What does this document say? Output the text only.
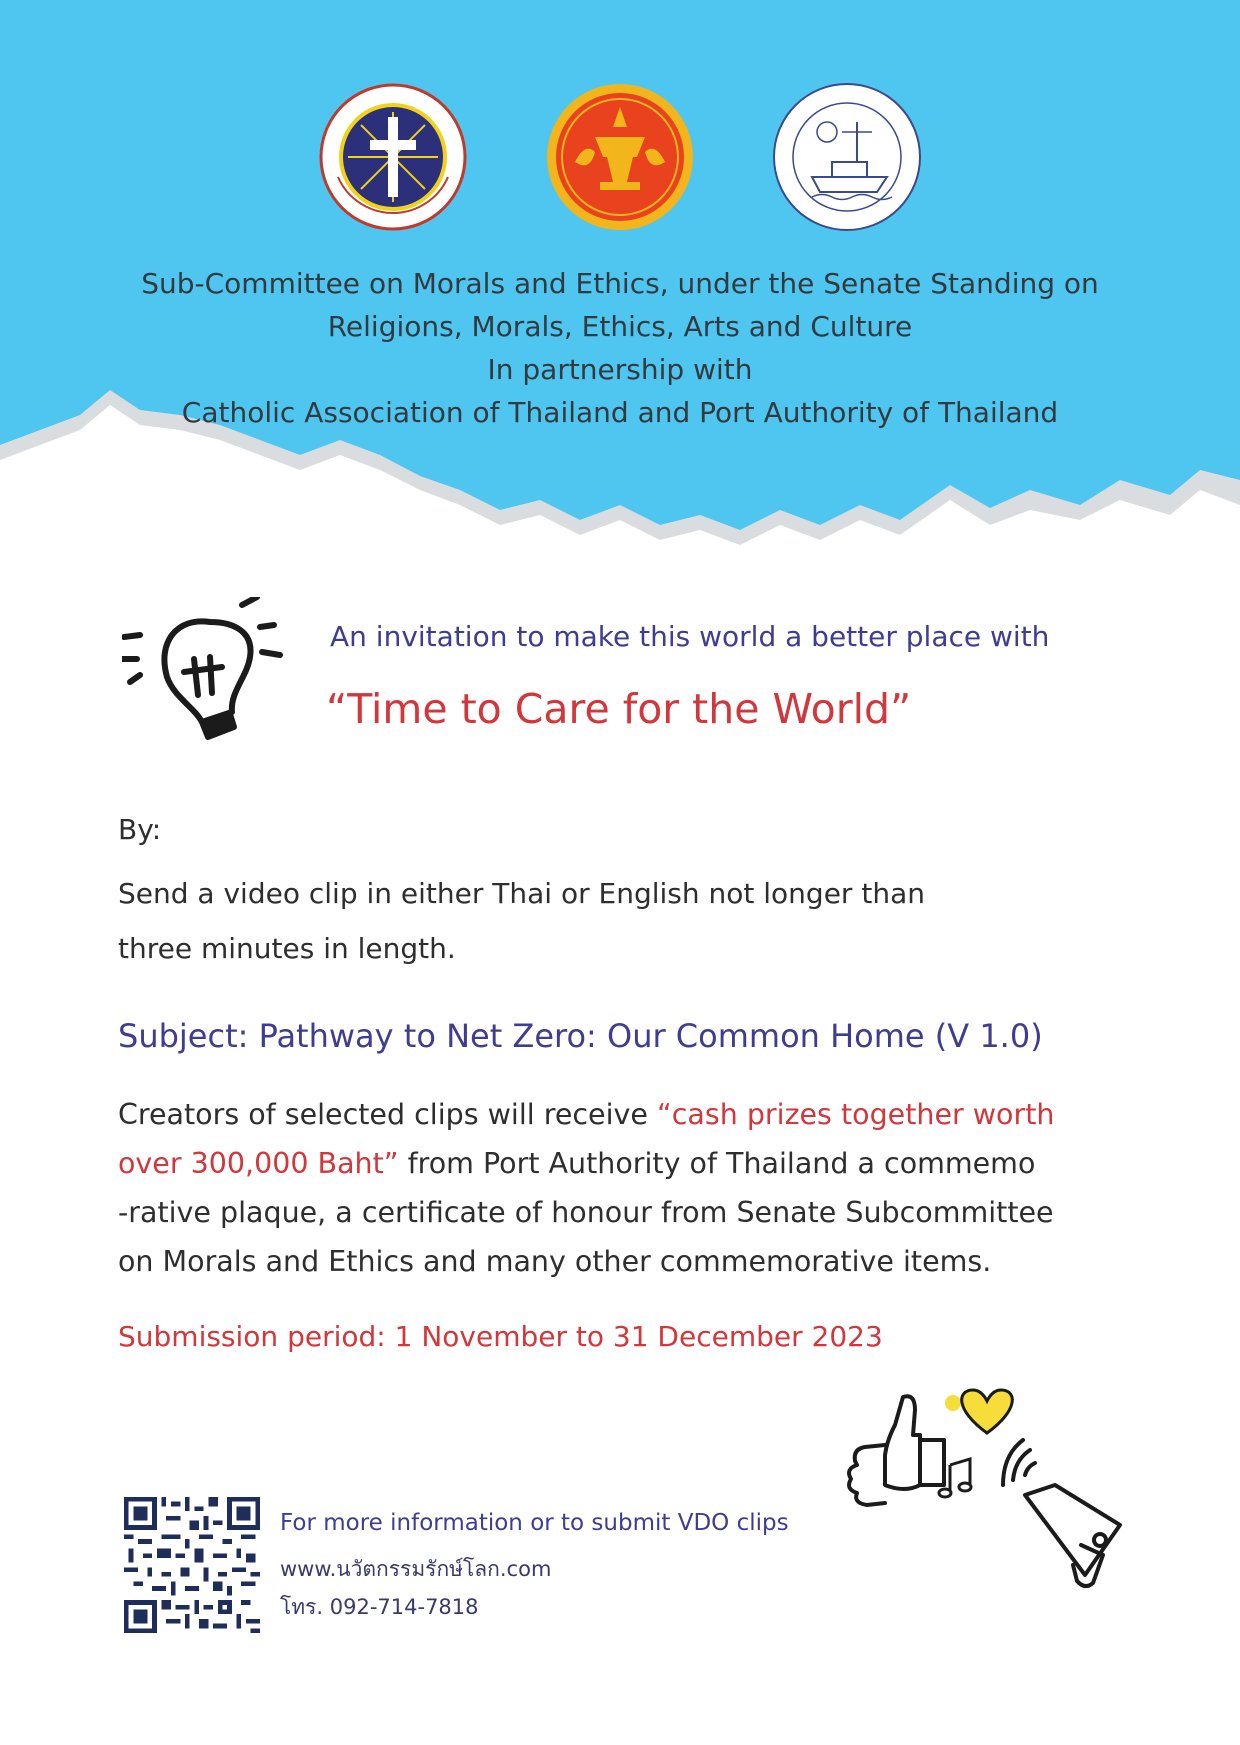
Sub-Committee on Morals and Ethics, under the Senate Standing on
Religions, Morals, Ethics, Arts and Culture
In partnership with
Catholic Association of Thailand and Port Authority of Thailand
An invitation to make this world a better place with
“Time to Care for the World”
By:
Send a video clip in either Thai or English not longer than
three minutes in length.
Subject: Pathway to Net Zero: Our Common Home (V 1.0)
Creators of selected clips will receive “cash prizes together worth
over 300,000 Baht” from Port Authority of Thailand a commemo
-rative plaque, a certificate of honour from Senate Subcommittee
on Morals and Ethics and many other commemorative items.
Submission period: 1 November to 31 December 2023
For more information or to submit VDO clips
www.นวัตกรรมรักษ์โลก.com
โทร. 092-714-7818
